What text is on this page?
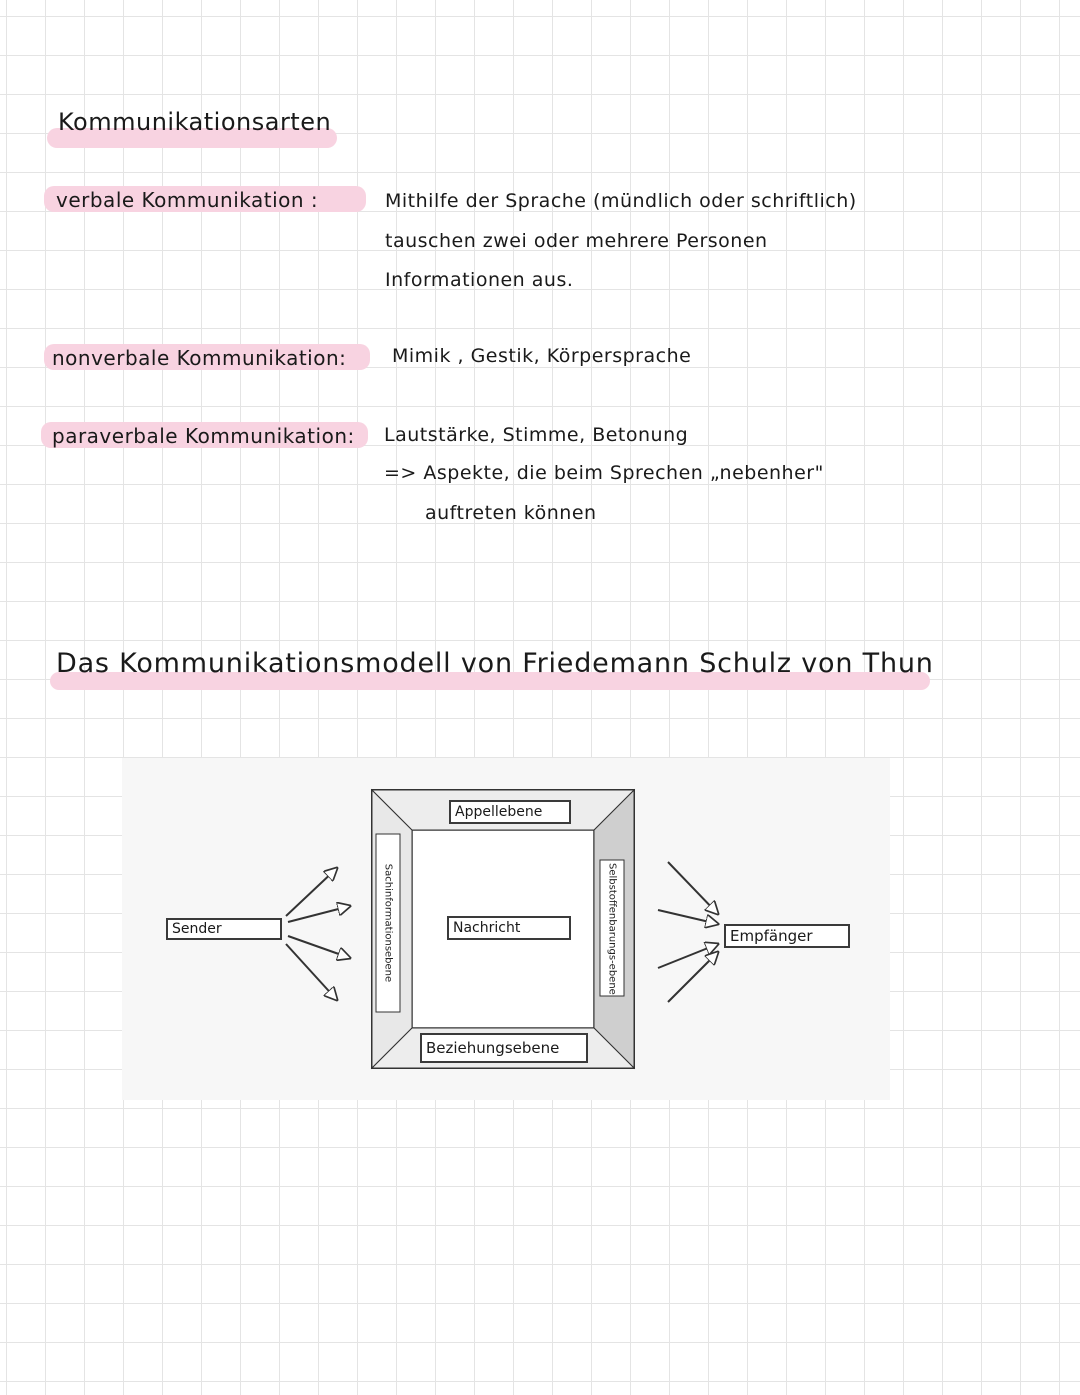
Kommunikationsarten
verbale Kommunikation :	Mithilfe der Sprache (mündlich oder schriftlich)
tauschen zwei oder mehrere Personen
Informationen aus.
nonverbale Kommunikation: Mimik , Gestik, Körpersprache
paraverbale Kommunikation: Lautstärke, Stimme, Betonung
=> Aspekte, die beim Sprechen „nebenher"
auftreten können
Das Kommunikationsmodell von Friedemann Schulz von Thun
Sender	Empfänger
Appellebene
Nachricht
Beziehungsebene
Sachinformationsebene	Selbstoffenbarungs-ebene
